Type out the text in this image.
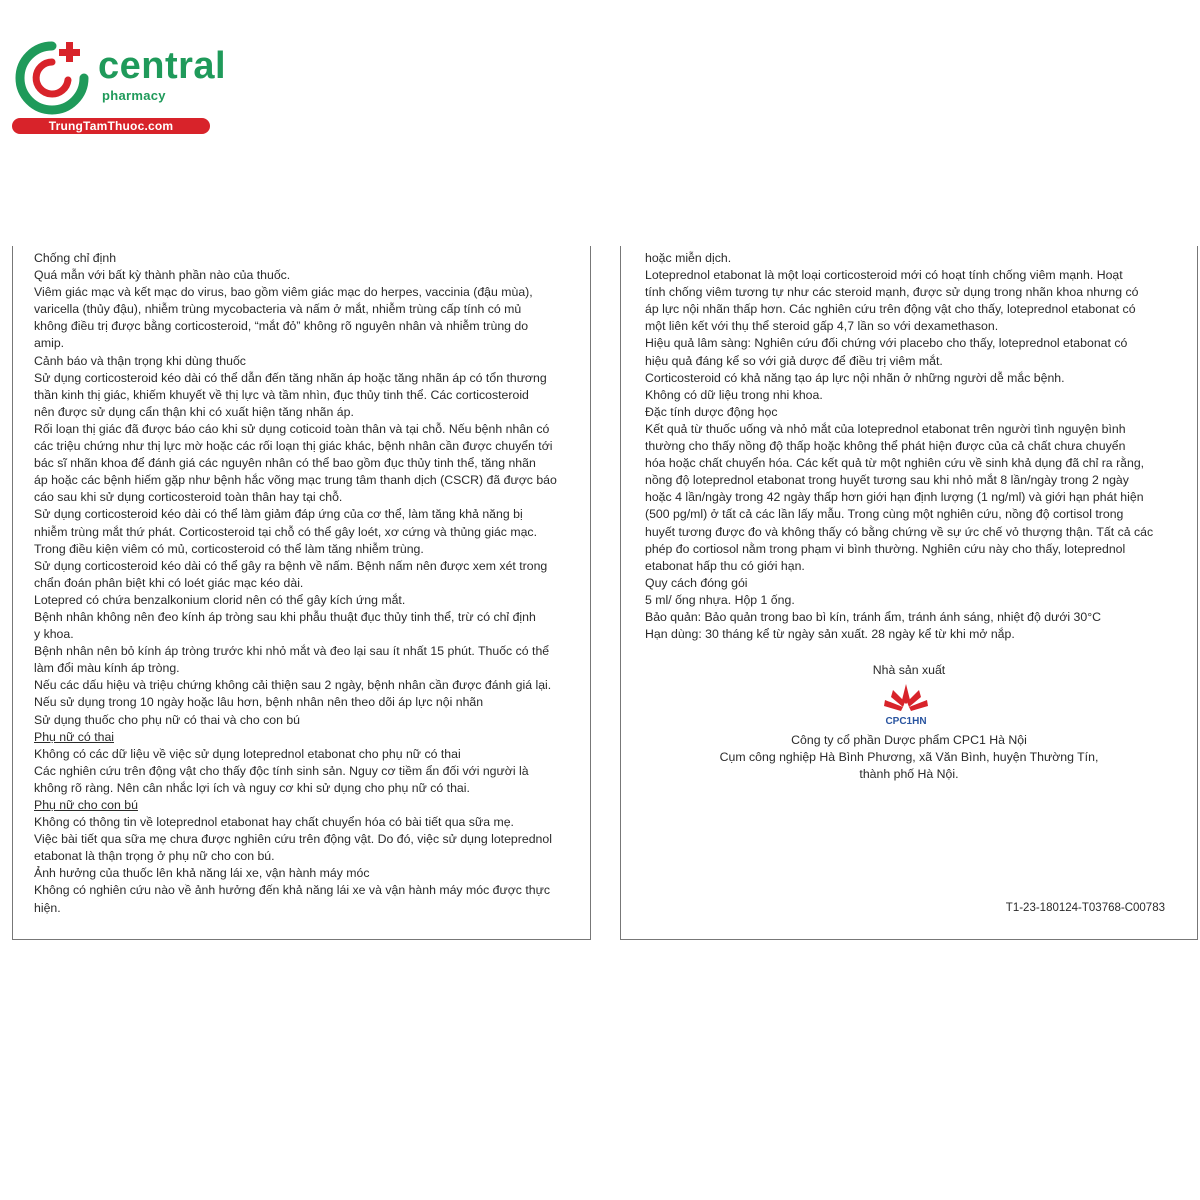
central
pharmacy
TrungTamThuoc.com
Chống chỉ định
Quá mẫn với bất kỳ thành phần nào của thuốc.
Viêm giác mạc và kết mạc do virus, bao gồm viêm giác mạc do herpes, vaccinia (đậu mùa),
varicella (thủy đậu), nhiễm trùng mycobacteria và nấm ở mắt, nhiễm trùng cấp tính có mủ
không điều trị được bằng corticosteroid, “mắt đỏ” không rõ nguyên nhân và nhiễm trùng do
amip.
Cảnh báo và thận trọng khi dùng thuốc
Sử dụng corticosteroid kéo dài có thể dẫn đến tăng nhãn áp hoặc tăng nhãn áp có tổn thương
thần kinh thị giác, khiếm khuyết về thị lực và tầm nhìn, đục thủy tinh thể. Các corticosteroid
nên được sử dụng cẩn thận khi có xuất hiện tăng nhãn áp.
Rối loạn thị giác đã được báo cáo khi sử dụng coticoid toàn thân và tại chỗ. Nếu bệnh nhân có
các triệu chứng như thị lực mờ hoặc các rối loạn thị giác khác, bệnh nhân cần được chuyển tới
bác sĩ nhãn khoa để đánh giá các nguyên nhân có thể bao gồm đục thủy tinh thể, tăng nhãn
áp hoặc các bệnh hiếm gặp như bệnh hắc võng mạc trung tâm thanh dịch (CSCR) đã được báo
cáo sau khi sử dụng corticosteroid toàn thân hay tại chỗ.
Sử dụng corticosteroid kéo dài có thể làm giảm đáp ứng của cơ thể, làm tăng khả năng bị
nhiễm trùng mắt thứ phát. Corticosteroid tại chỗ có thể gây loét, xơ cứng và thủng giác mạc.
Trong điều kiện viêm có mủ, corticosteroid có thể làm tăng nhiễm trùng.
Sử dụng corticosteroid kéo dài có thể gây ra bệnh về nấm. Bệnh nấm nên được xem xét trong
chẩn đoán phân biệt khi có loét giác mạc kéo dài.
Lotepred có chứa benzalkonium clorid nên có thể gây kích ứng mắt.
Bệnh nhân không nên đeo kính áp tròng sau khi phẫu thuật đục thủy tinh thể, trừ có chỉ định
y khoa.
Bệnh nhân nên bỏ kính áp tròng trước khi nhỏ mắt và đeo lại sau ít nhất 15 phút. Thuốc có thể
làm đổi màu kính áp tròng.
Nếu các dấu hiệu và triệu chứng không cải thiện sau 2 ngày, bệnh nhân cần được đánh giá lại.
Nếu sử dụng trong 10 ngày hoặc lâu hơn, bệnh nhân nên theo dõi áp lực nội nhãn
Sử dụng thuốc cho phụ nữ có thai và cho con bú
Phụ nữ có thai
Không có các dữ liệu về việc sử dụng loteprednol etabonat cho phụ nữ có thai
Các nghiên cứu trên động vật cho thấy độc tính sinh sản. Nguy cơ tiềm ẩn đối với người là
không rõ ràng. Nên cân nhắc lợi ích và nguy cơ khi sử dụng cho phụ nữ có thai.
Phụ nữ cho con bú
Không có thông tin về loteprednol etabonat hay chất chuyển hóa có bài tiết qua sữa mẹ.
Việc bài tiết qua sữa mẹ chưa được nghiên cứu trên động vật. Do đó, việc sử dụng loteprednol
etabonat là thận trọng ở phụ nữ cho con bú.
Ảnh hưởng của thuốc lên khả năng lái xe, vận hành máy móc
Không có nghiên cứu nào về ảnh hưởng đến khả năng lái xe và vận hành máy móc được thực
hiện.
hoặc miễn dịch.
Loteprednol etabonat là một loại corticosteroid mới có hoạt tính chống viêm mạnh. Hoạt
tính chống viêm tương tự như các steroid mạnh, được sử dụng trong nhãn khoa nhưng có
áp lực nội nhãn thấp hơn. Các nghiên cứu trên động vật cho thấy, loteprednol etabonat có
một liên kết với thụ thể steroid gấp 4,7 lần so với dexamethason.
Hiệu quả lâm sàng: Nghiên cứu đối chứng với placebo cho thấy, loteprednol etabonat có
hiệu quả đáng kể so với giả dược để điều trị viêm mắt.
Corticosteroid có khả năng tạo áp lực nội nhãn ở những người dễ mắc bệnh.
Không có dữ liệu trong nhi khoa.
Đặc tính dược động học
Kết quả từ thuốc uống và nhỏ mắt của loteprednol etabonat trên người tình nguyện bình
thường cho thấy nồng độ thấp hoặc không thể phát hiện được của cả chất chưa chuyển
hóa hoặc chất chuyển hóa. Các kết quả từ một nghiên cứu về sinh khả dụng đã chỉ ra rằng,
nồng độ loteprednol etabonat trong huyết tương sau khi nhỏ mắt 8 lần/ngày trong 2 ngày
hoặc 4 lần/ngày trong 42 ngày thấp hơn giới hạn định lượng (1 ng/ml) và giới hạn phát hiện
(500 pg/ml) ở tất cả các lần lấy mẫu. Trong cùng một nghiên cứu, nồng độ cortisol trong
huyết tương được đo và không thấy có bằng chứng về sự ức chế vỏ thượng thận. Tất cả các
phép đo cortiosol nằm trong phạm vi bình thường. Nghiên cứu này cho thấy, loteprednol
etabonat hấp thu có giới hạn.
Quy cách đóng gói
5 ml/ ống nhựa. Hộp 1 ống.
Bảo quản: Bảo quản trong bao bì kín, tránh ẩm, tránh ánh sáng, nhiệt độ dưới 30°C
Hạn dùng: 30 tháng kể từ ngày sản xuất. 28 ngày kể từ khi mở nắp.
Nhà sản xuất
CPC1HN
Công ty cổ phần Dược phẩm CPC1 Hà Nội
Cụm công nghiệp Hà Bình Phương, xã Văn Bình, huyện Thường Tín,
thành phố Hà Nội.
T1-23-180124-T03768-C00783
